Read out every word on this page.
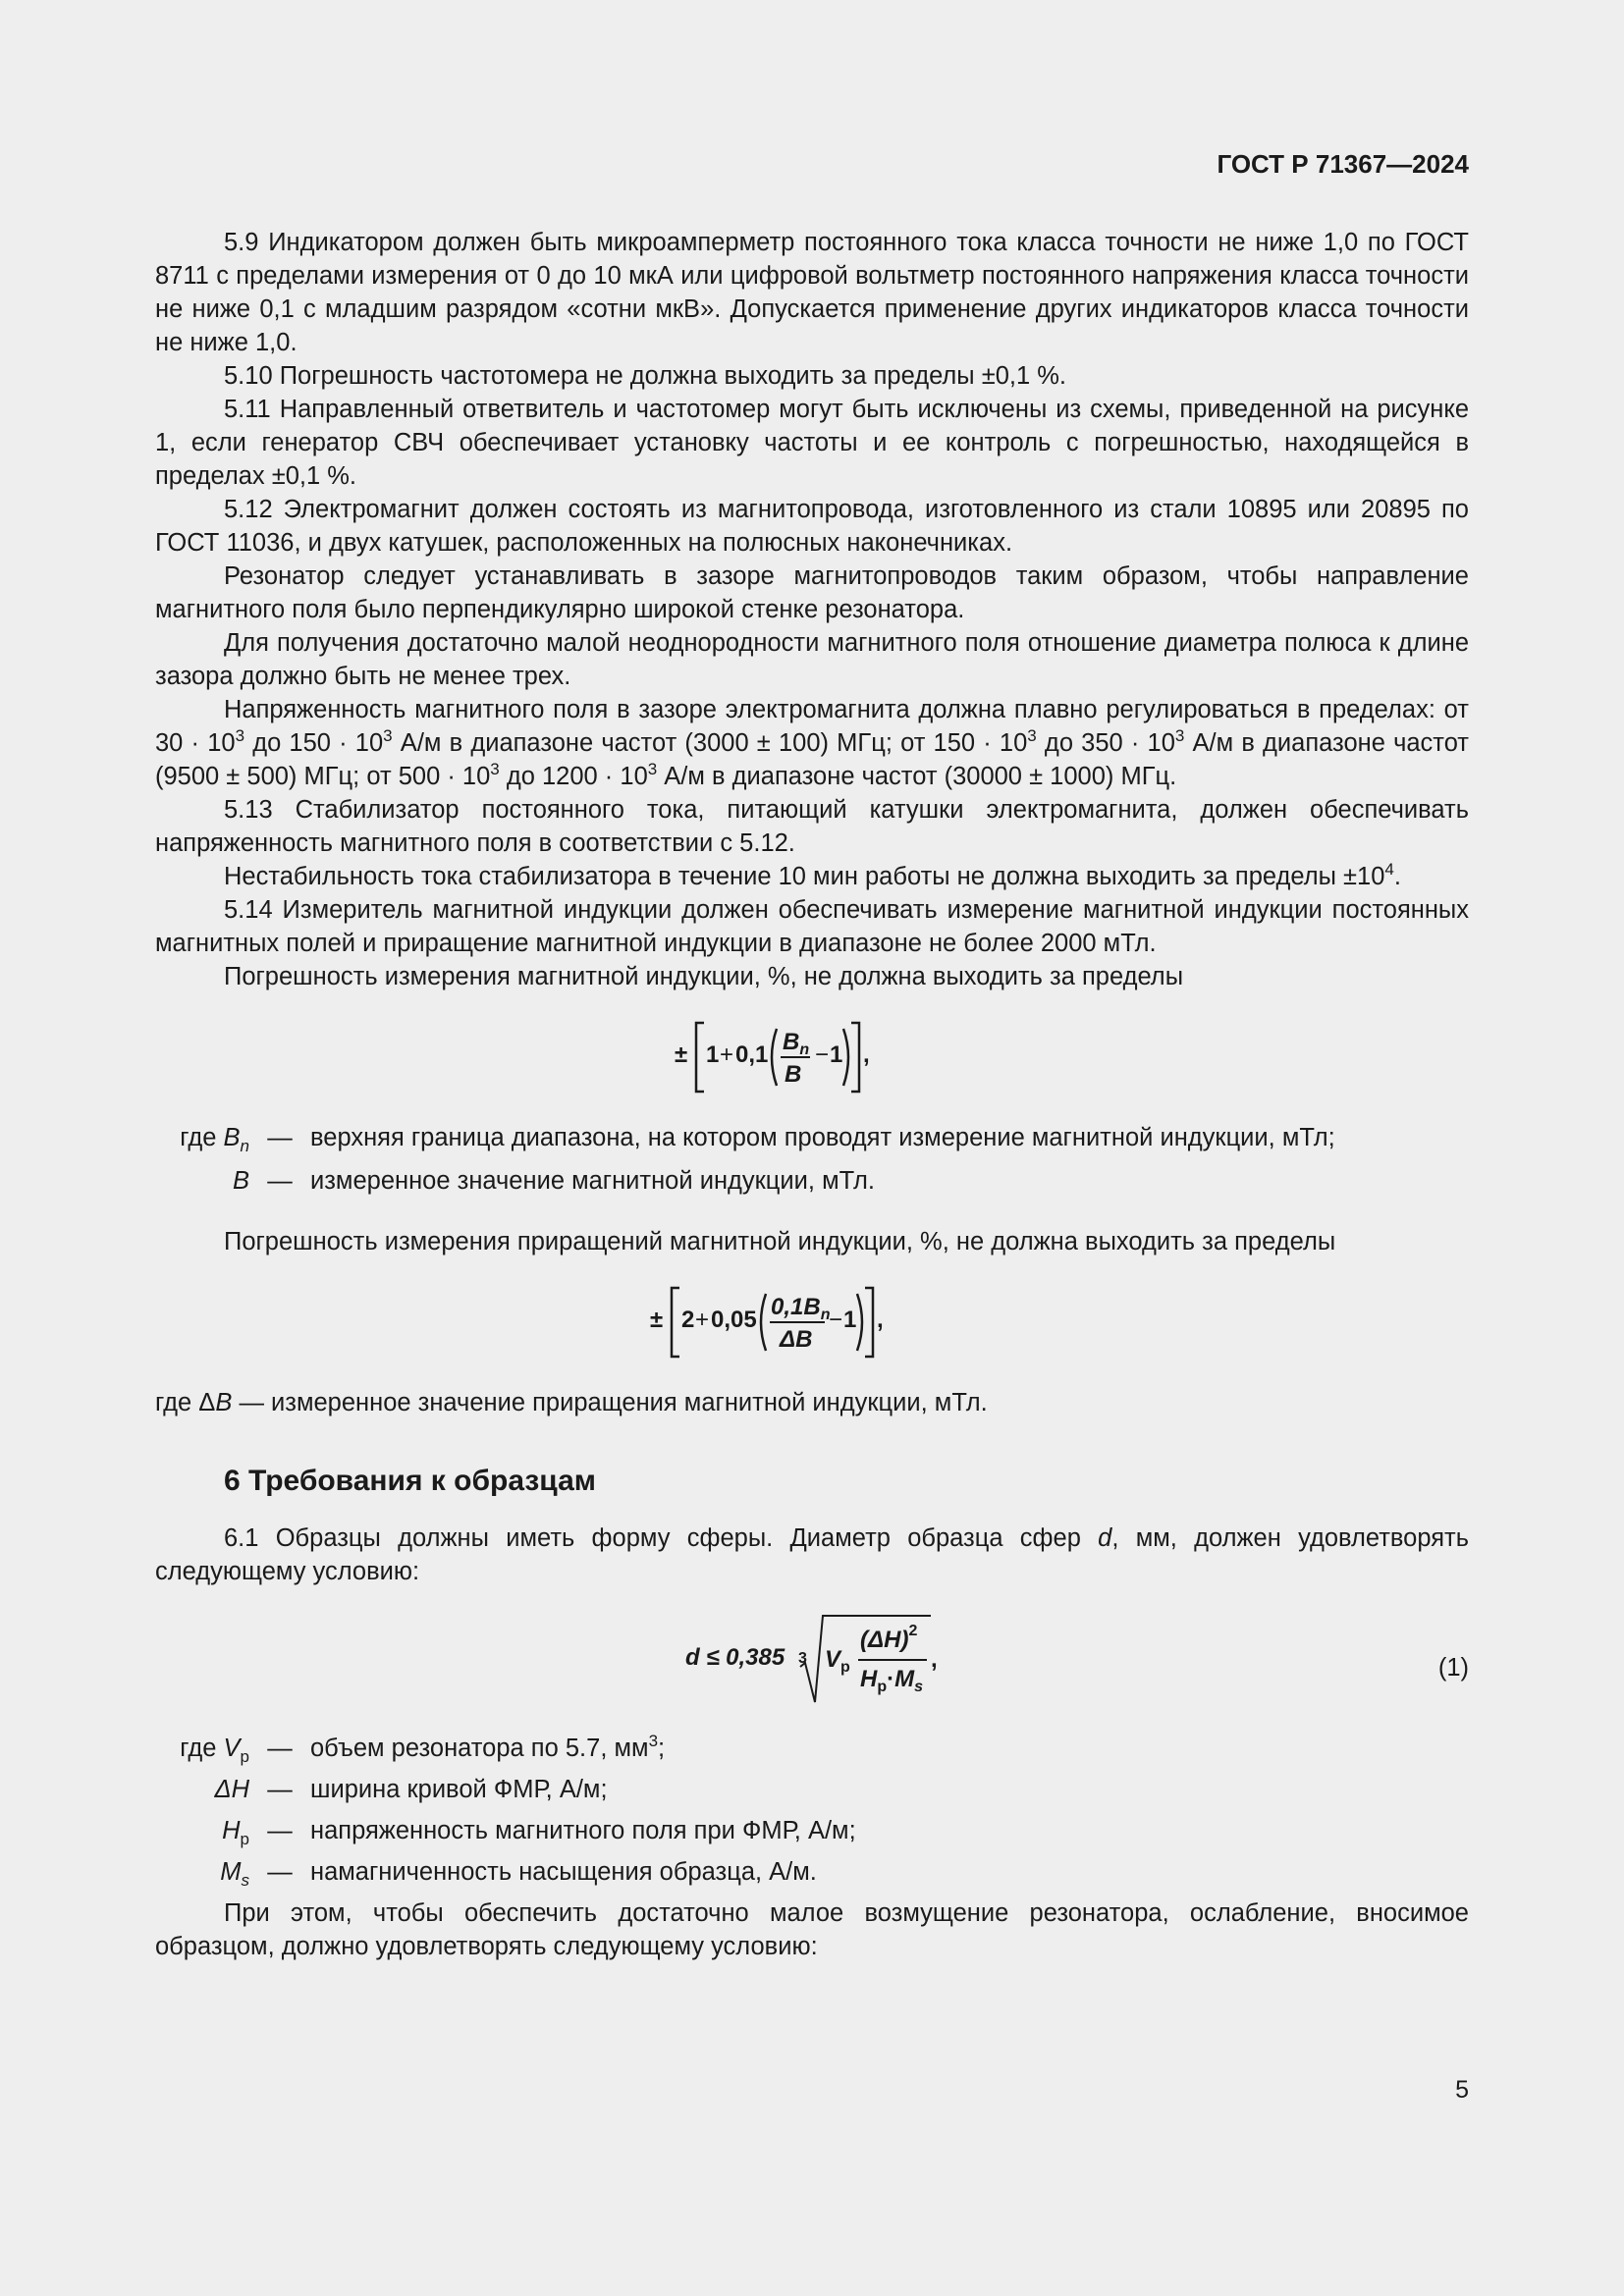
ГОСТ Р 71367—2024

5.9 Индикатором должен быть микроамперметр постоянного тока класса точности не ниже 1,0 по ГОСТ 8711 с пределами измерения от 0 до 10 мкА или цифровой вольтметр постоянного напряжения класса точности не ниже 0,1 с младшим разрядом «сотни мкВ». Допускается применение других индикаторов класса точности не ниже 1,0.

5.10 Погрешность частотомера не должна выходить за пределы ±0,1 %.

5.11 Направленный ответвитель и частотомер могут быть исключены из схемы, приведенной на рисунке 1, если генератор СВЧ обеспечивает установку частоты и ее контроль с погрешностью, находящейся в пределах ±0,1 %.

5.12 Электромагнит должен состоять из магнитопровода, изготовленного из стали 10895 или 20895 по ГОСТ 11036, и двух катушек, расположенных на полюсных наконечниках.

Резонатор следует устанавливать в зазоре магнитопроводов таким образом, чтобы направление магнитного поля было перпендикулярно широкой стенке резонатора.

Для получения достаточно малой неоднородности магнитного поля отношение диаметра полюса к длине зазора должно быть не менее трех.

Напряженность магнитного поля в зазоре электромагнита должна плавно регулироваться в пределах: от $30 \cdot 10^3$ до $150 \cdot 10^3$ А/м в диапазоне частот (3000 ± 100) МГц; от $150 \cdot 10^3$ до $350 \cdot 10^3$ А/м в диапазоне частот (9500 ± 500) МГц; от $500 \cdot 10^3$ до $1200 \cdot 10^3$ А/м в диапазоне частот (30000 ± 1000) МГц.

5.13 Стабилизатор постоянного тока, питающий катушки электромагнита, должен обеспечивать напряженность магнитного поля в соответствии с 5.12.

Нестабильность тока стабилизатора в течение 10 мин работы не должна выходить за пределы $\pm 10^4$.

5.14 Измеритель магнитной индукции должен обеспечивать измерение магнитной индукции постоянных магнитных полей и приращение магнитной индукции в диапазоне не более 2000 мТл.

Погрешность измерения магнитной индукции, %, не должна выходить за пределы

± 1 + 0,1 $B_n$
B
− 1 ,
где $B_n$ — верхняя граница диапазона, на котором проводят измерение магнитной индукции, мТл;
B — измеренное значение магнитной индукции, мТл.

Погрешность измерения приращений магнитной индукции, %, не должна выходить за пределы

± 2 + 0,05 $0,1B_n$
ΔB
− 1 ,

где ΔB — измеренное значение приращения магнитной индукции, мТл.

6 Требования к образцам

6.1 Образцы должны иметь форму сферы. Диаметр образца сфер d, мм, должен удовлетворять следующему условию:

d ≤ 0,385 3 $V_p$
$(\Delta H)^2$
$H_p\cdot M_s$
,	(1)
где $V_p$ — объем резонатора по 5.7, $мм^3$;
ΔH — ширина кривой ФМР, А/м;
$H_p$ — напряженность магнитного поля при ФМР, А/м;
$M_s$ — намагниченность насыщения образца, А/м.

При этом, чтобы обеспечить достаточно малое возмущение резонатора, ослабление, вносимое образцом, должно удовлетворять следующему условию:

5
